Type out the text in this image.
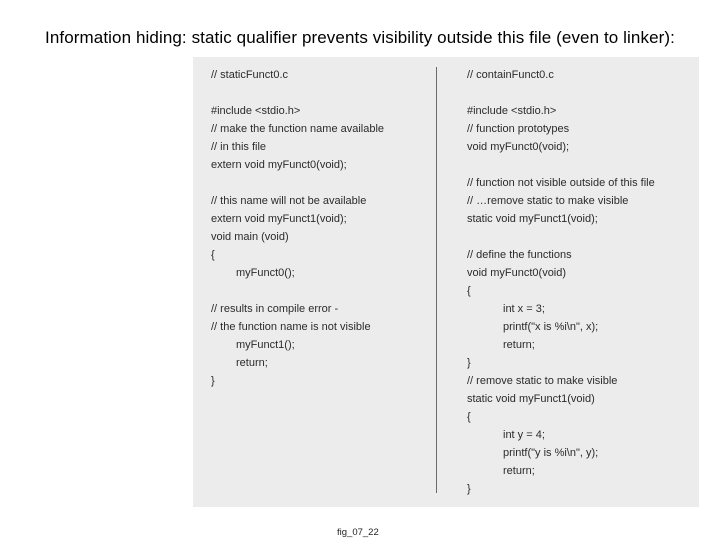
Information hiding: static qualifier prevents visibility outside this file (even to linker):
// staticFunct0.c
#include <stdio.h>
// make the function name available
// in this file
extern void myFunct0(void);
// this name will not be available
extern void myFunct1(void);
void main (void)
{
myFunct0();
// results in compile error -
// the function name is not visible
myFunct1();
return;
}
// containFunct0.c
#include <stdio.h>
// function prototypes
void myFunct0(void);
// function not visible outside of this file
// …remove static to make visible
static void myFunct1(void);
// define the functions
void myFunct0(void)
{
int x = 3;
printf("x is %i\n", x);
return;
}
// remove static to make visible
static void myFunct1(void)
{
int y = 4;
printf("y is %i\n", y);
return;
}
fig_07_22
